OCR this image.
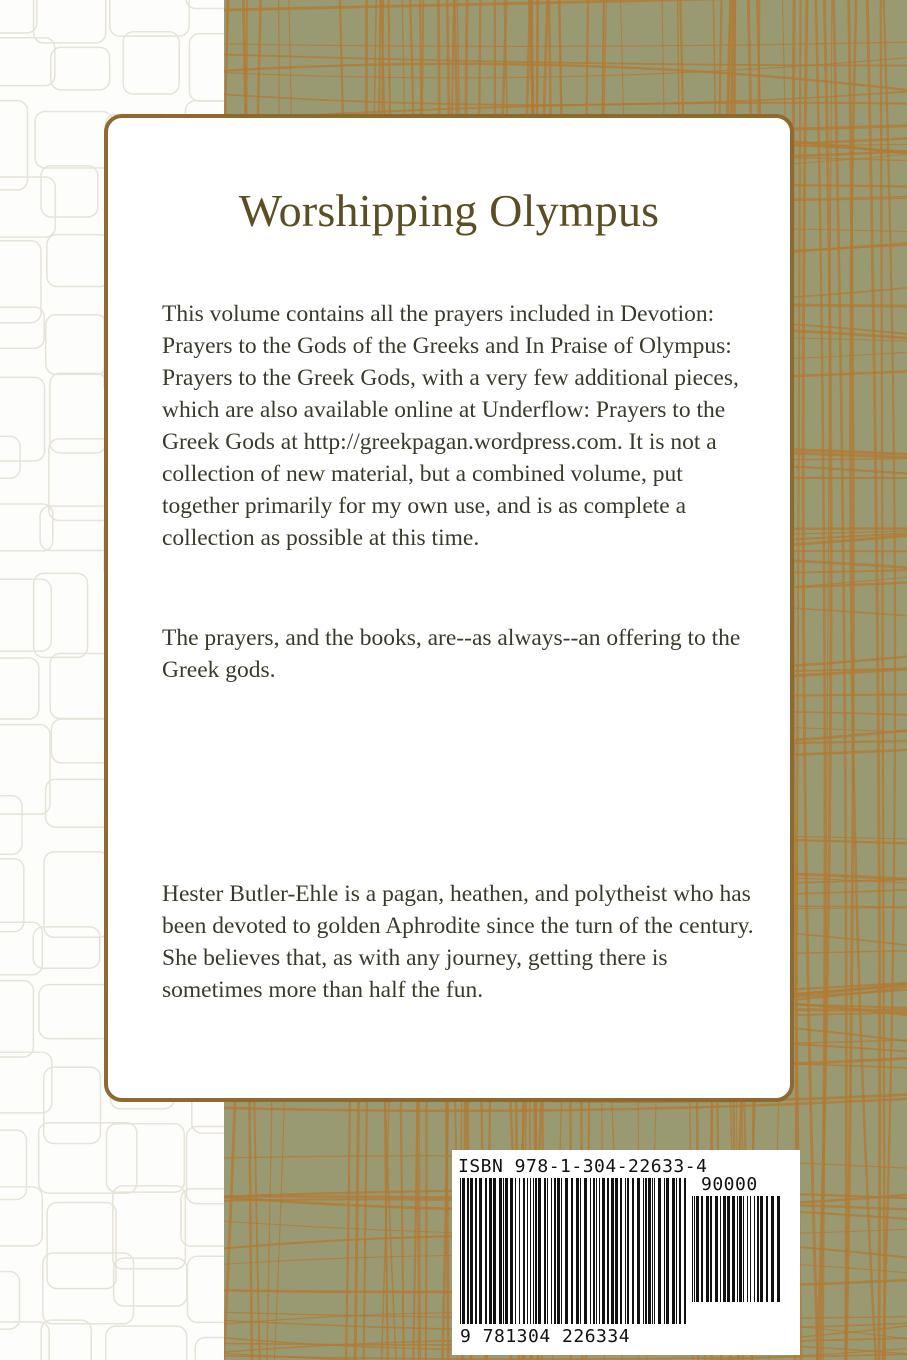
Worshipping Olympus
This volume contains all the prayers included in Devotion: Prayers to the Gods of the Greeks and In Praise of Olympus: Prayers to the Greek Gods, with a very few additional pieces, which are also available online at Underflow: Prayers to the Greek Gods at http://greekpagan.wordpress.com. It is not a collection of new material, but a combined volume, put together primarily for my own use, and is as complete a collection as possible at this time.
The prayers, and the books, are--as always--an offering to the Greek gods.
Hester Butler-Ehle is a pagan, heathen, and polytheist who has been devoted to golden Aphrodite since the turn of the century. She believes that, as with any journey, getting there is sometimes more than half the fun.
ISBN 978-1-304-22633-4
90000
9 781304 226334
